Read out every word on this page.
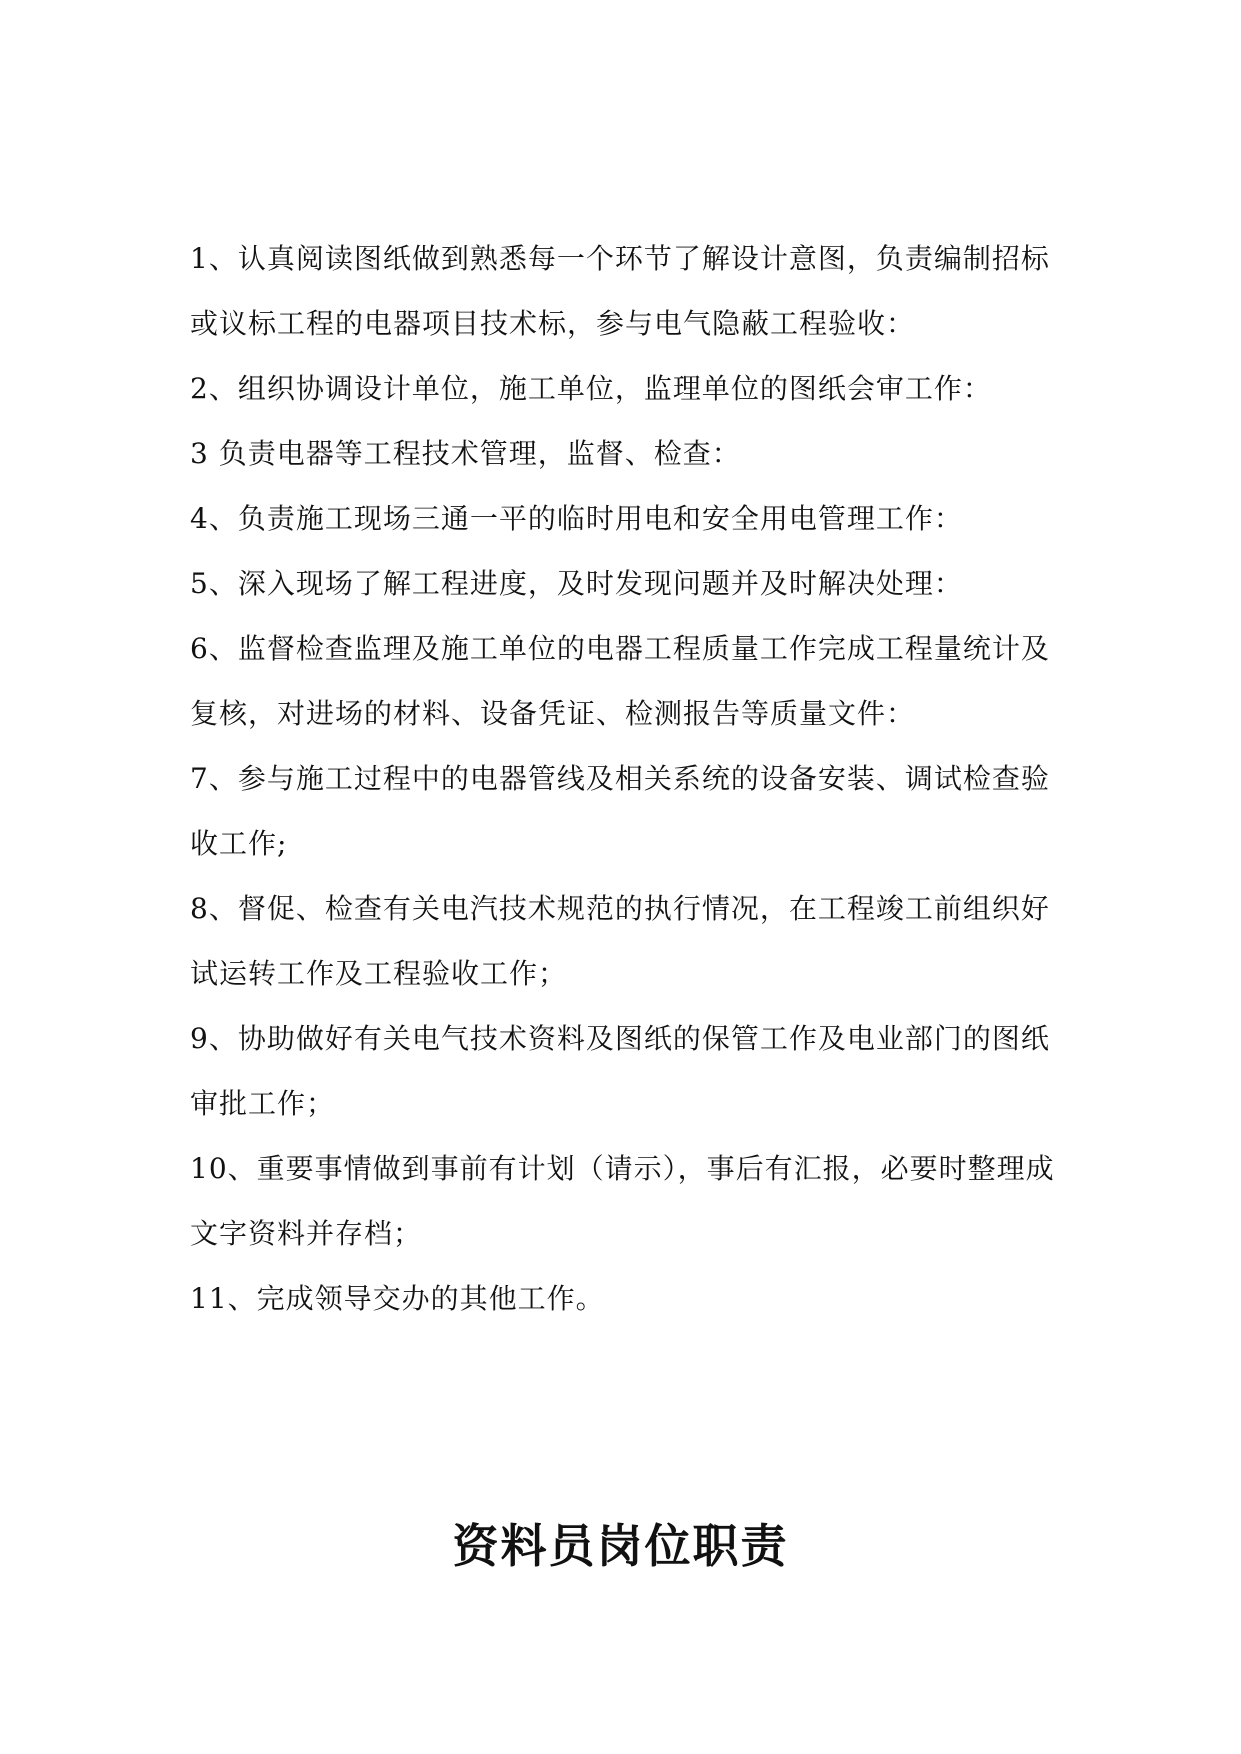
1、认真阅读图纸做到熟悉每一个环节了解设计意图，负责编制招标
或议标工程的电器项目技术标，参与电气隐蔽工程验收：
2、组织协调设计单位，施工单位，监理单位的图纸会审工作：
3 负责电器等工程技术管理，监督、检查：
4、负责施工现场三通一平的临时用电和安全用电管理工作：
5、深入现场了解工程进度，及时发现问题并及时解决处理：
6、监督检查监理及施工单位的电器工程质量工作完成工程量统计及
复核，对进场的材料、设备凭证、检测报告等质量文件：
7、参与施工过程中的电器管线及相关系统的设备安装、调试检查验
收工作;
8、督促、检查有关电汽技术规范的执行情况，在工程竣工前组织好
试运转工作及工程验收工作；
9、协助做好有关电气技术资料及图纸的保管工作及电业部门的图纸
审批工作；
10、重要事情做到事前有计划（请示），事后有汇报，必要时整理成
文字资料并存档；
11、完成领导交办的其他工作。
资料员岗位职责
